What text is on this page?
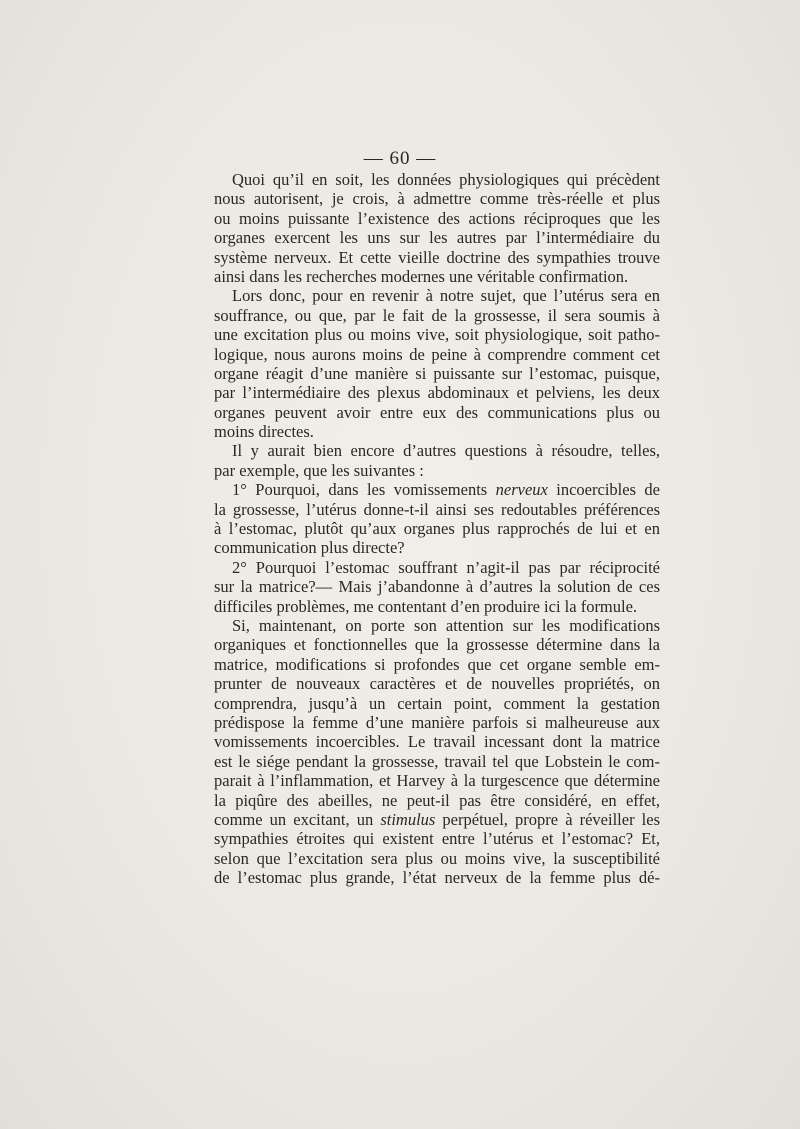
— 60 —
Quoi qu’il en soit, les données physiologiques qui précèdent
nous autorisent, je crois, à admettre comme très-réelle et plus
ou moins puissante l’existence des actions réciproques que les
organes exercent les uns sur les autres par l’intermédiaire du
système nerveux. Et cette vieille doctrine des sympathies trouve
ainsi dans les recherches modernes une véritable confirmation.
Lors donc, pour en revenir à notre sujet, que l’utérus sera en
souffrance, ou que, par le fait de la grossesse, il sera soumis à
une excitation plus ou moins vive, soit physiologique, soit patho-
logique, nous aurons moins de peine à comprendre comment cet
organe réagit d’une manière si puissante sur l’estomac, puisque,
par l’intermédiaire des plexus abdominaux et pelviens, les deux
organes peuvent avoir entre eux des communications plus ou
moins directes.
Il y aurait bien encore d’autres questions à résoudre, telles,
par exemple, que les suivantes :
1° Pourquoi, dans les vomissements nerveux incoercibles de
la grossesse, l’utérus donne-t-il ainsi ses redoutables préférences
à l’estomac, plutôt qu’aux organes plus rapprochés de lui et en
communication plus directe?
2° Pourquoi l’estomac souffrant n’agit-il pas par réciprocité
sur la matrice?— Mais j’abandonne à d’autres la solution de ces
difficiles problèmes, me contentant d’en produire ici la formule.
Si, maintenant, on porte son attention sur les modifications
organiques et fonctionnelles que la grossesse détermine dans la
matrice, modifications si profondes que cet organe semble em-
prunter de nouveaux caractères et de nouvelles propriétés, on
comprendra, jusqu’à un certain point, comment la gestation
prédispose la femme d’une manière parfois si malheureuse aux
vomissements incoercibles. Le travail incessant dont la matrice
est le siége pendant la grossesse, travail tel que Lobstein le com-
parait à l’inflammation, et Harvey à la turgescence que détermine
la piqûre des abeilles, ne peut-il pas être considéré, en effet,
comme un excitant, un stimulus perpétuel, propre à réveiller les
sympathies étroites qui existent entre l’utérus et l’estomac? Et,
selon que l’excitation sera plus ou moins vive, la susceptibilité
de l’estomac plus grande, l’état nerveux de la femme plus dé-
